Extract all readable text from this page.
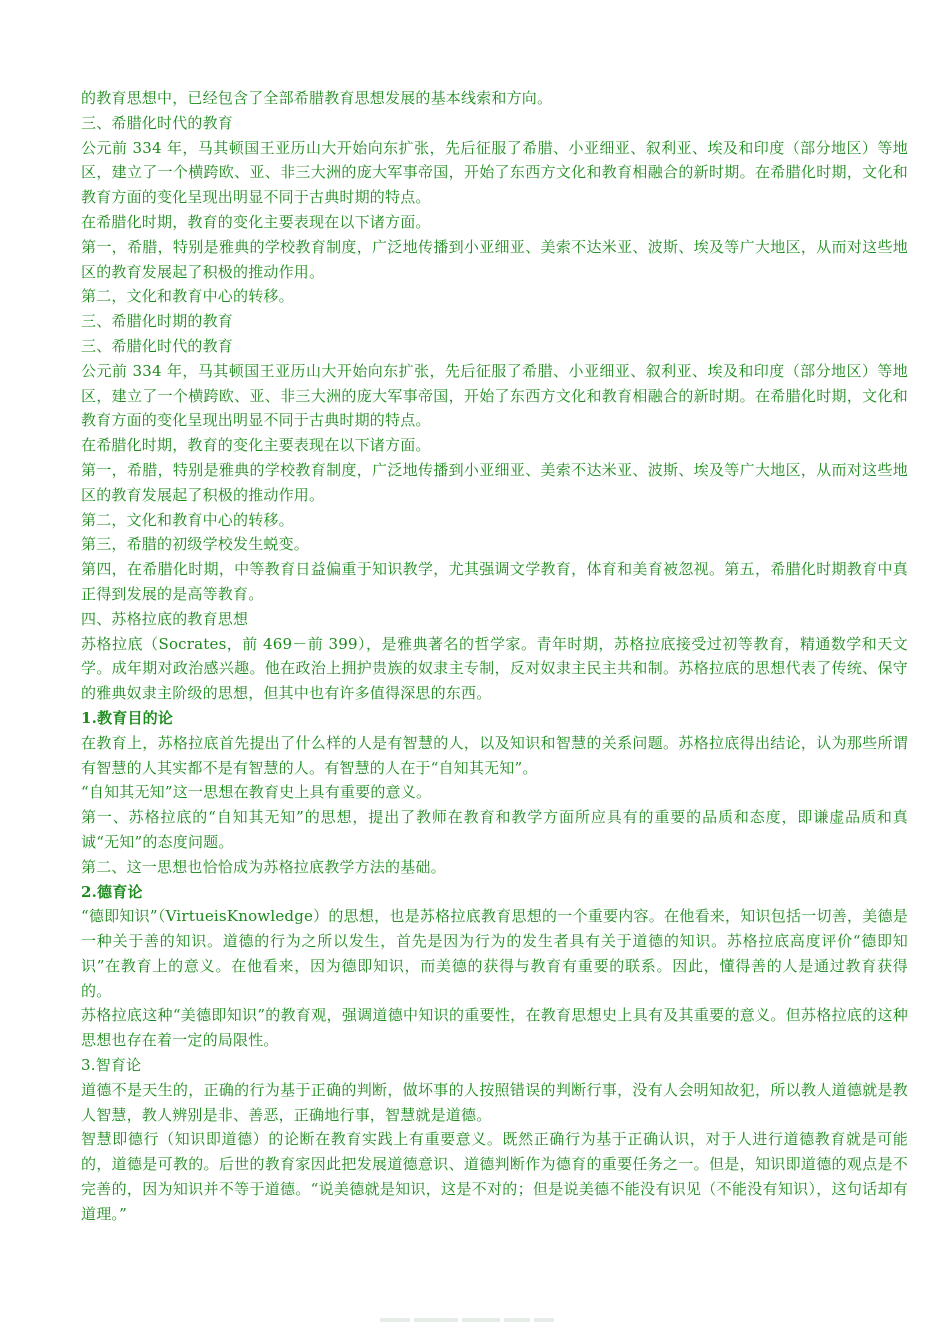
的教育思想中，已经包含了全部希腊教育思想发展的基本线索和方向。

三、希腊化时代的教育

公元前 334 年，马其顿国王亚历山大开始向东扩张，先后征服了希腊、小亚细亚、叙利亚、埃及和印度（部分地区）等地区，建立了一个横跨欧、亚、非三大洲的庞大军事帝国，开始了东西方文化和教育相融合的新时期。在希腊化时期，文化和教育方面的变化呈现出明显不同于古典时期的特点。

在希腊化时期，教育的变化主要表现在以下诸方面。

第一，希腊，特别是雅典的学校教育制度，广泛地传播到小亚细亚、美索不达米亚、波斯、埃及等广大地区，从而对这些地区的教育发展起了积极的推动作用。

第二，文化和教育中心的转移。

三、希腊化时期的教育

三、希腊化时代的教育

公元前 334 年，马其顿国王亚历山大开始向东扩张，先后征服了希腊、小亚细亚、叙利亚、埃及和印度（部分地区）等地区，建立了一个横跨欧、亚、非三大洲的庞大军事帝国，开始了东西方文化和教育相融合的新时期。在希腊化时期，文化和教育方面的变化呈现出明显不同于古典时期的特点。

在希腊化时期，教育的变化主要表现在以下诸方面。

第一，希腊，特别是雅典的学校教育制度，广泛地传播到小亚细亚、美索不达米亚、波斯、埃及等广大地区，从而对这些地区的教育发展起了积极的推动作用。

第二，文化和教育中心的转移。

第三，希腊的初级学校发生蜕变。

第四，在希腊化时期，中等教育日益偏重于知识教学，尤其强调文学教育，体育和美育被忽视。第五，希腊化时期教育中真正得到发展的是高等教育。

四、苏格拉底的教育思想

苏格拉底（Socrates，前 469－前 399），是雅典著名的哲学家。青年时期，苏格拉底接受过初等教育，精通数学和天文学。成年期对政治感兴趣。他在政治上拥护贵族的奴隶主专制，反对奴隶主民主共和制。苏格拉底的思想代表了传统、保守的雅典奴隶主阶级的思想，但其中也有许多值得深思的东西。

1.教育目的论

在教育上，苏格拉底首先提出了什么样的人是有智慧的人，以及知识和智慧的关系问题。苏格拉底得出结论，认为那些所谓有智慧的人其实都不是有智慧的人。有智慧的人在于“自知其无知”。

“自知其无知”这一思想在教育史上具有重要的意义。

第一、苏格拉底的“自知其无知”的思想，提出了教师在教育和教学方面所应具有的重要的品质和态度，即谦虚品质和真诚“无知”的态度问题。

第二、这一思想也恰恰成为苏格拉底教学方法的基础。

2.德育论

“德即知识”（VirtueisKnowledge）的思想，也是苏格拉底教育思想的一个重要内容。在他看来，知识包括一切善，美德是一种关于善的知识。道德的行为之所以发生，首先是因为行为的发生者具有关于道德的知识。苏格拉底高度评价“德即知识”在教育上的意义。在他看来，因为德即知识，而美德的获得与教育有重要的联系。因此，懂得善的人是通过教育获得的。

苏格拉底这种“美德即知识”的教育观，强调道德中知识的重要性，在教育思想史上具有及其重要的意义。但苏格拉底的这种思想也存在着一定的局限性。

3.智育论

道德不是天生的，正确的行为基于正确的判断，做坏事的人按照错误的判断行事，没有人会明知故犯，所以教人道德就是教人智慧，教人辨别是非、善恶，正确地行事，智慧就是道德。

智慧即德行（知识即道德）的论断在教育实践上有重要意义。既然正确行为基于正确认识，对于人进行道德教育就是可能的，道德是可教的。后世的教育家因此把发展道德意识、道德判断作为德育的重要任务之一。但是，知识即道德的观点是不完善的，因为知识并不等于道德。“说美德就是知识，这是不对的；但是说美德不能没有识见（不能没有知识），这句话却有道理。”
